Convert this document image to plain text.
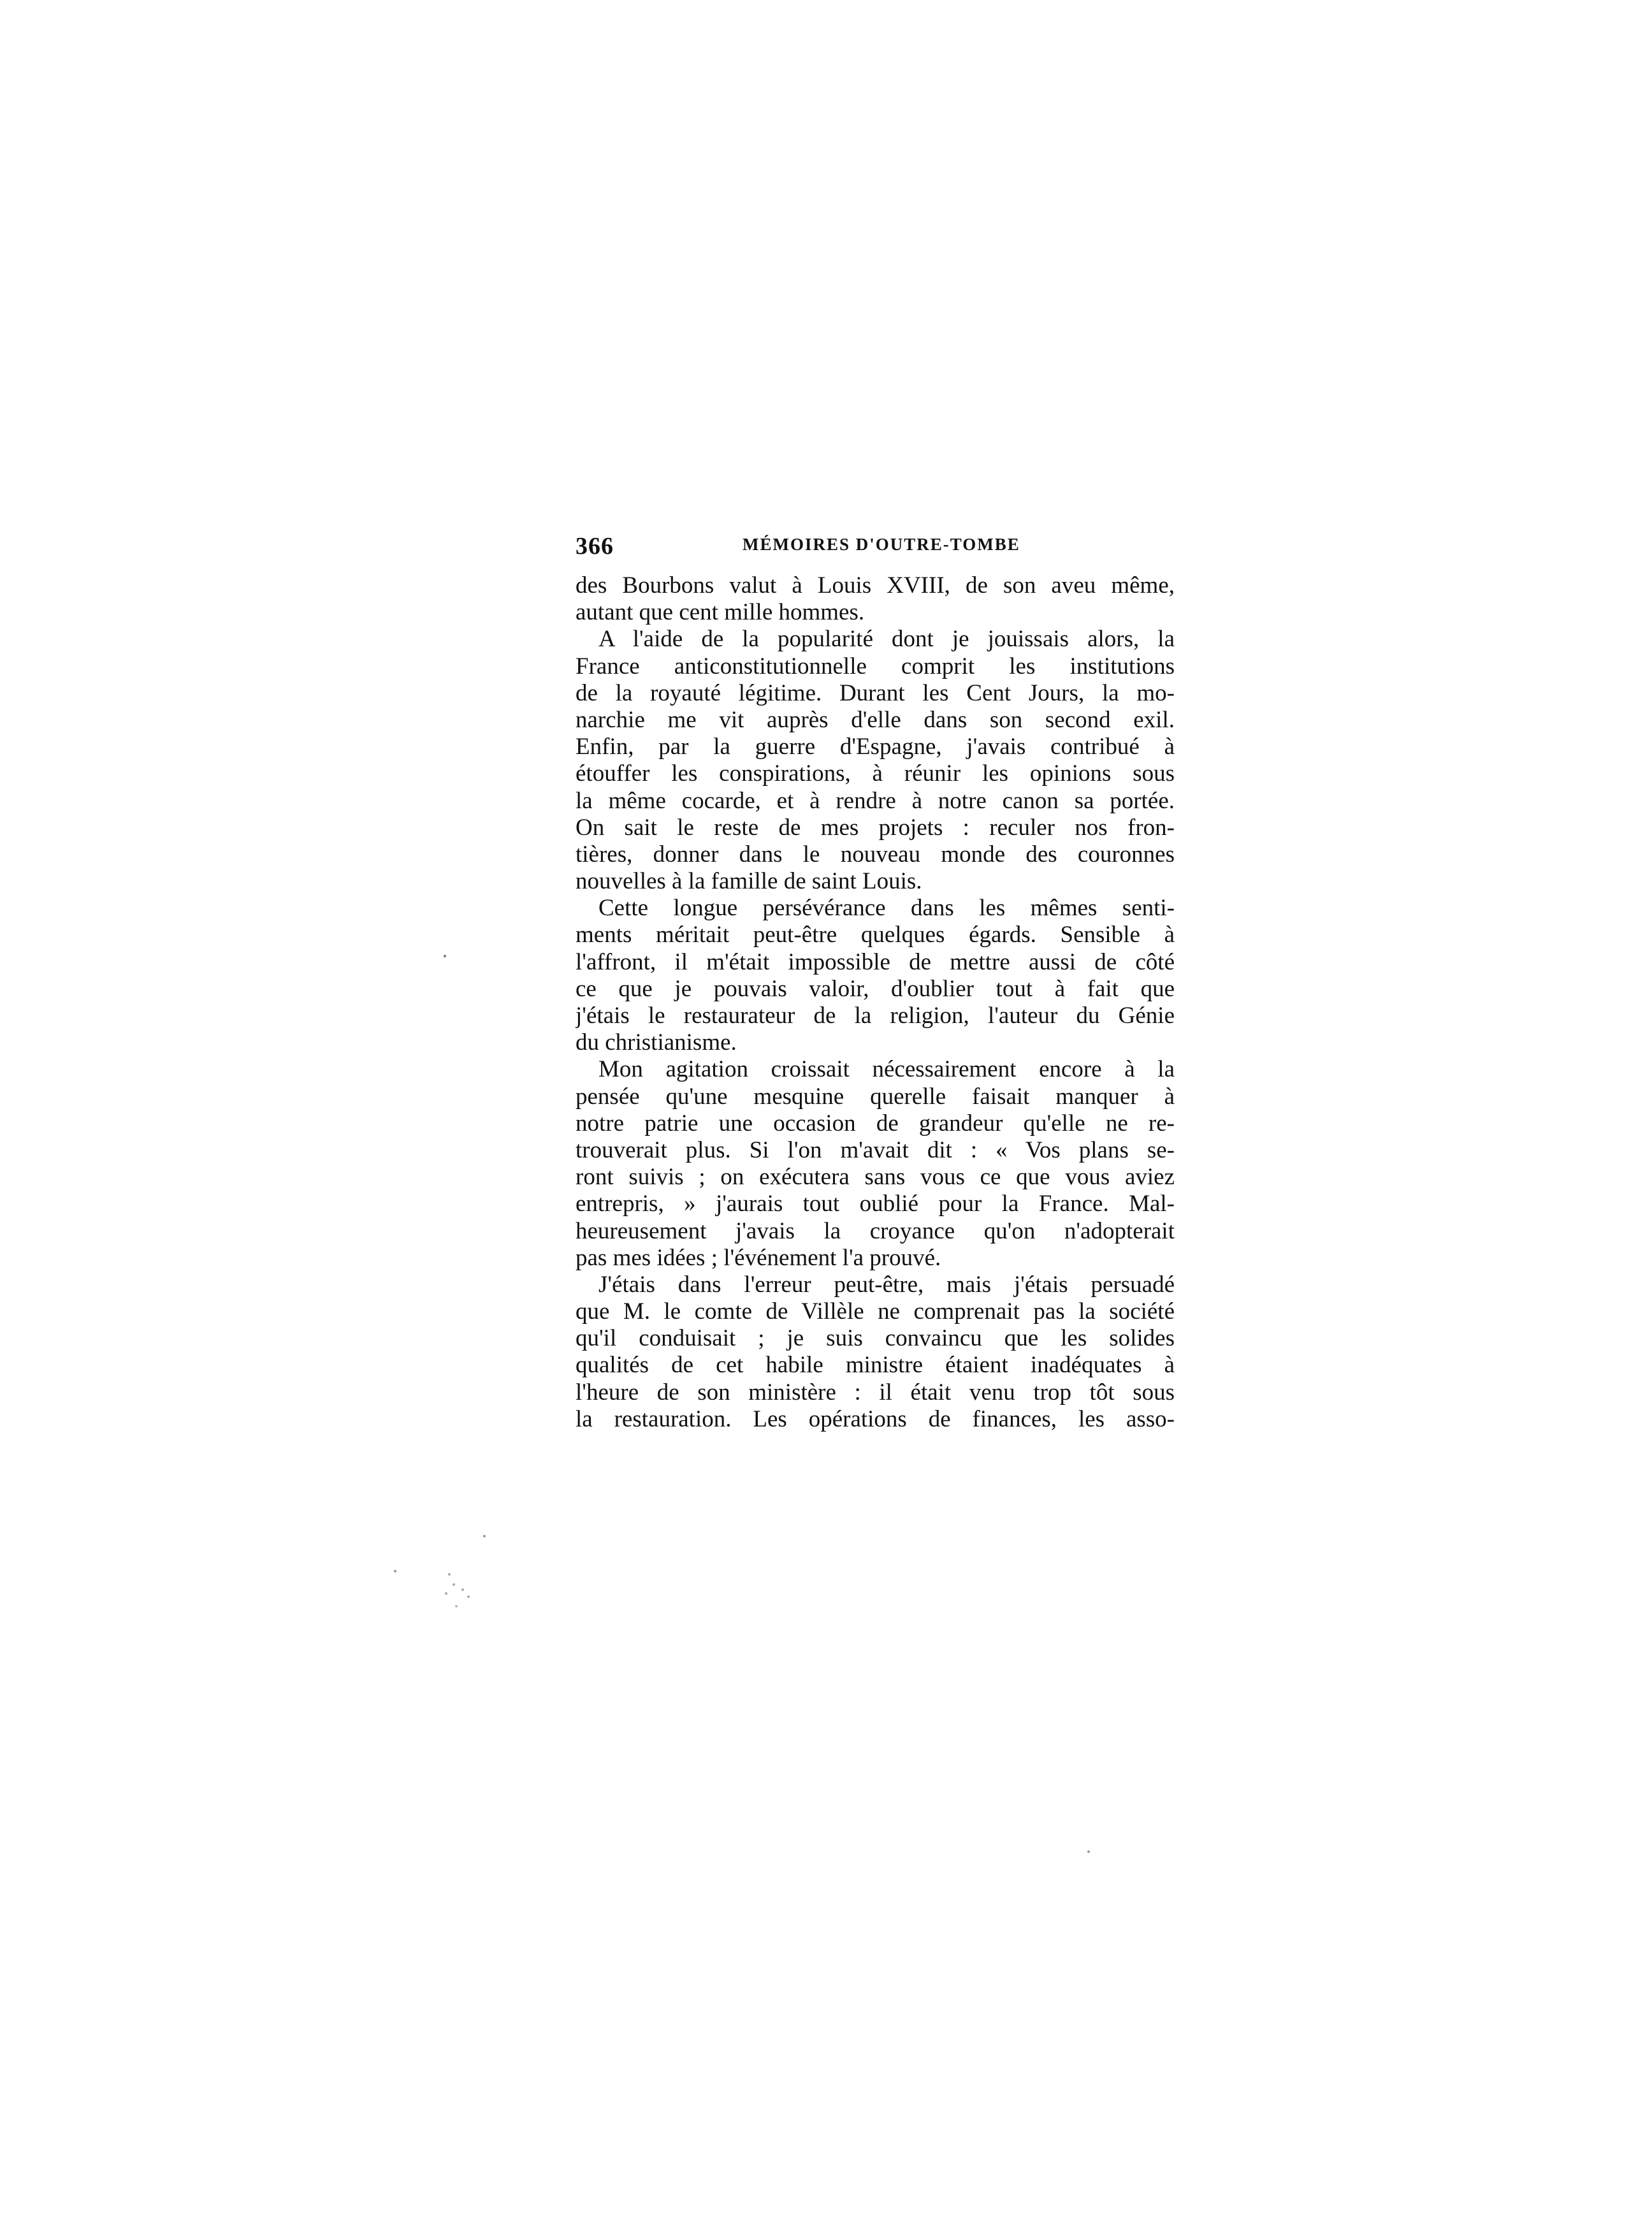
366	MÉMOIRES D'OUTRE-TOMBE
des Bourbons valut à Louis XVIII, de son aveu même,
autant que cent mille hommes.
A l'aide de la popularité dont je jouissais alors, la
France anticonstitutionnelle comprit les institutions
de la royauté légitime. Durant les Cent Jours, la mo-
narchie me vit auprès d'elle dans son second exil.
Enfin, par la guerre d'Espagne, j'avais contribué à
étouffer les conspirations, à réunir les opinions sous
la même cocarde, et à rendre à notre canon sa portée.
On sait le reste de mes projets : reculer nos fron-
tières, donner dans le nouveau monde des couronnes
nouvelles à la famille de saint Louis.
Cette longue persévérance dans les mêmes senti-
ments méritait peut-être quelques égards. Sensible à
l'affront, il m'était impossible de mettre aussi de côté
ce que je pouvais valoir, d'oublier tout à fait que
j'étais le restaurateur de la religion, l'auteur du Génie
du christianisme.
Mon agitation croissait nécessairement encore à la
pensée qu'une mesquine querelle faisait manquer à
notre patrie une occasion de grandeur qu'elle ne re-
trouverait plus. Si l'on m'avait dit : « Vos plans se-
ront suivis ; on exécutera sans vous ce que vous aviez
entrepris, » j'aurais tout oublié pour la France. Mal-
heureusement j'avais la croyance qu'on n'adopterait
pas mes idées ; l'événement l'a prouvé.
J'étais dans l'erreur peut-être, mais j'étais persuadé
que M. le comte de Villèle ne comprenait pas la société
qu'il conduisait ; je suis convaincu que les solides
qualités de cet habile ministre étaient inadéquates à
l'heure de son ministère : il était venu trop tôt sous
la restauration. Les opérations de finances, les asso-
